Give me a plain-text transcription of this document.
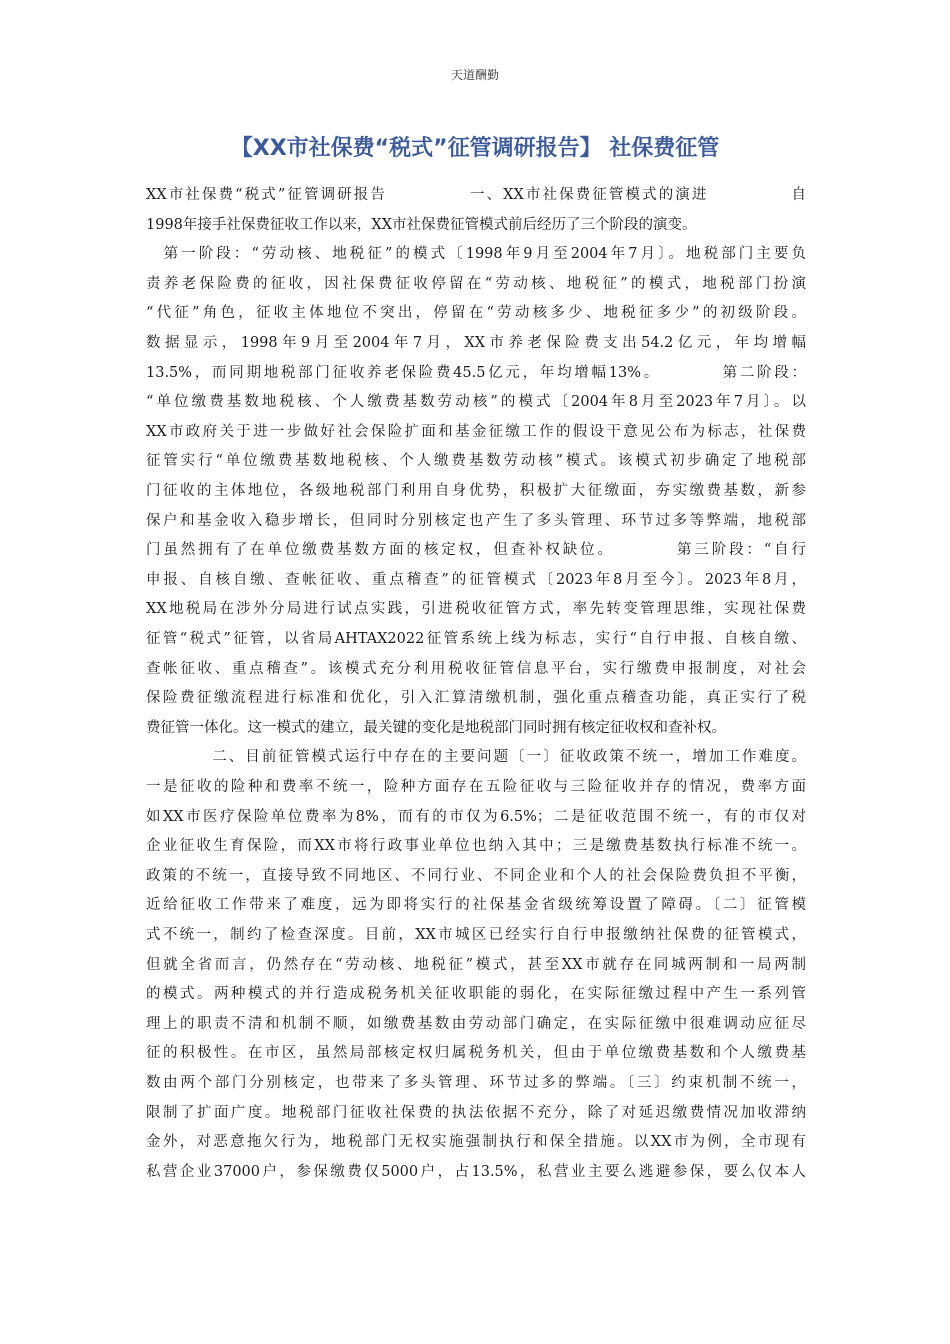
天道酬勤
【XX市社保费“税式”征管调研报告】 社保费征管
XX市社保费“税式”征管调研报告　　　　　一、XX市社保费征管模式的演进　　　　　自
1998年接手社保费征收工作以来，XX市社保费征管模式前后经历了三个阶段的演变。
　第一阶段：“劳动核、地税征”的模式〔1998年9月至2004年7月〕。地税部门主要负
责养老保险费的征收，因社保费征收停留在“劳动核、地税征”的模式，地税部门扮演
“代征”角色，征收主体地位不突出，停留在“劳动核多少、地税征多少”的初级阶段。
数据显示，1998年9月至2004年7月，XX市养老保险费支出54.2亿元，年均增幅
13.5%，而同期地税部门征收养老保险费45.5亿元，年均增幅13%。　　　　第二阶段：
“单位缴费基数地税核、个人缴费基数劳动核”的模式〔2004年8月至2023年7月〕。以
XX市政府关于进一步做好社会保险扩面和基金征缴工作的假设干意见公布为标志，社保费
征管实行“单位缴费基数地税核、个人缴费基数劳动核”模式。该模式初步确定了地税部
门征收的主体地位，各级地税部门利用自身优势，积极扩大征缴面，夯实缴费基数，新参
保户和基金收入稳步增长，但同时分别核定也产生了多头管理、环节过多等弊端，地税部
门虽然拥有了在单位缴费基数方面的核定权，但查补权缺位。　　　　第三阶段：“自行
申报、自核自缴、查帐征收、重点稽查”的征管模式〔2023年8月至今〕。2023年8月，
XX地税局在涉外分局进行试点实践，引进税收征管方式，率先转变管理思维，实现社保费
征管“税式”征管，以省局AHTAX2022征管系统上线为标志，实行“自行申报、自核自缴、
查帐征收、重点稽查”。该模式充分利用税收征管信息平台，实行缴费申报制度，对社会
保险费征缴流程进行标准和优化，引入汇算清缴机制，强化重点稽查功能，真正实行了税
费征管一体化。这一模式的建立，最关键的变化是地税部门同时拥有核定征收权和查补权。
　　　　二、目前征管模式运行中存在的主要问题〔一〕征收政策不统一，增加工作难度。
一是征收的险种和费率不统一，险种方面存在五险征收与三险征收并存的情况，费率方面
如XX市医疗保险单位费率为8%，而有的市仅为6.5%；二是征收范围不统一，有的市仅对
企业征收生育保险，而XX市将行政事业单位也纳入其中；三是缴费基数执行标准不统一。
政策的不统一，直接导致不同地区、不同行业、不同企业和个人的社会保险费负担不平衡，
近给征收工作带来了难度，远为即将实行的社保基金省级统筹设置了障碍。〔二〕征管模
式不统一，制约了检查深度。目前，XX市城区已经实行自行申报缴纳社保费的征管模式，
但就全省而言，仍然存在“劳动核、地税征”模式，甚至XX市就存在同城两制和一局两制
的模式。两种模式的并行造成税务机关征收职能的弱化，在实际征缴过程中产生一系列管
理上的职责不清和机制不顺，如缴费基数由劳动部门确定，在实际征缴中很难调动应征尽
征的积极性。在市区，虽然局部核定权归属税务机关，但由于单位缴费基数和个人缴费基
数由两个部门分别核定，也带来了多头管理、环节过多的弊端。〔三〕约束机制不统一，
限制了扩面广度。地税部门征收社保费的执法依据不充分，除了对延迟缴费情况加收滞纳
金外，对恶意拖欠行为，地税部门无权实施强制执行和保全措施。以XX市为例，全市现有
私营企业37000户，参保缴费仅5000户，占13.5%，私营业主要么逃避参保，要么仅本人
